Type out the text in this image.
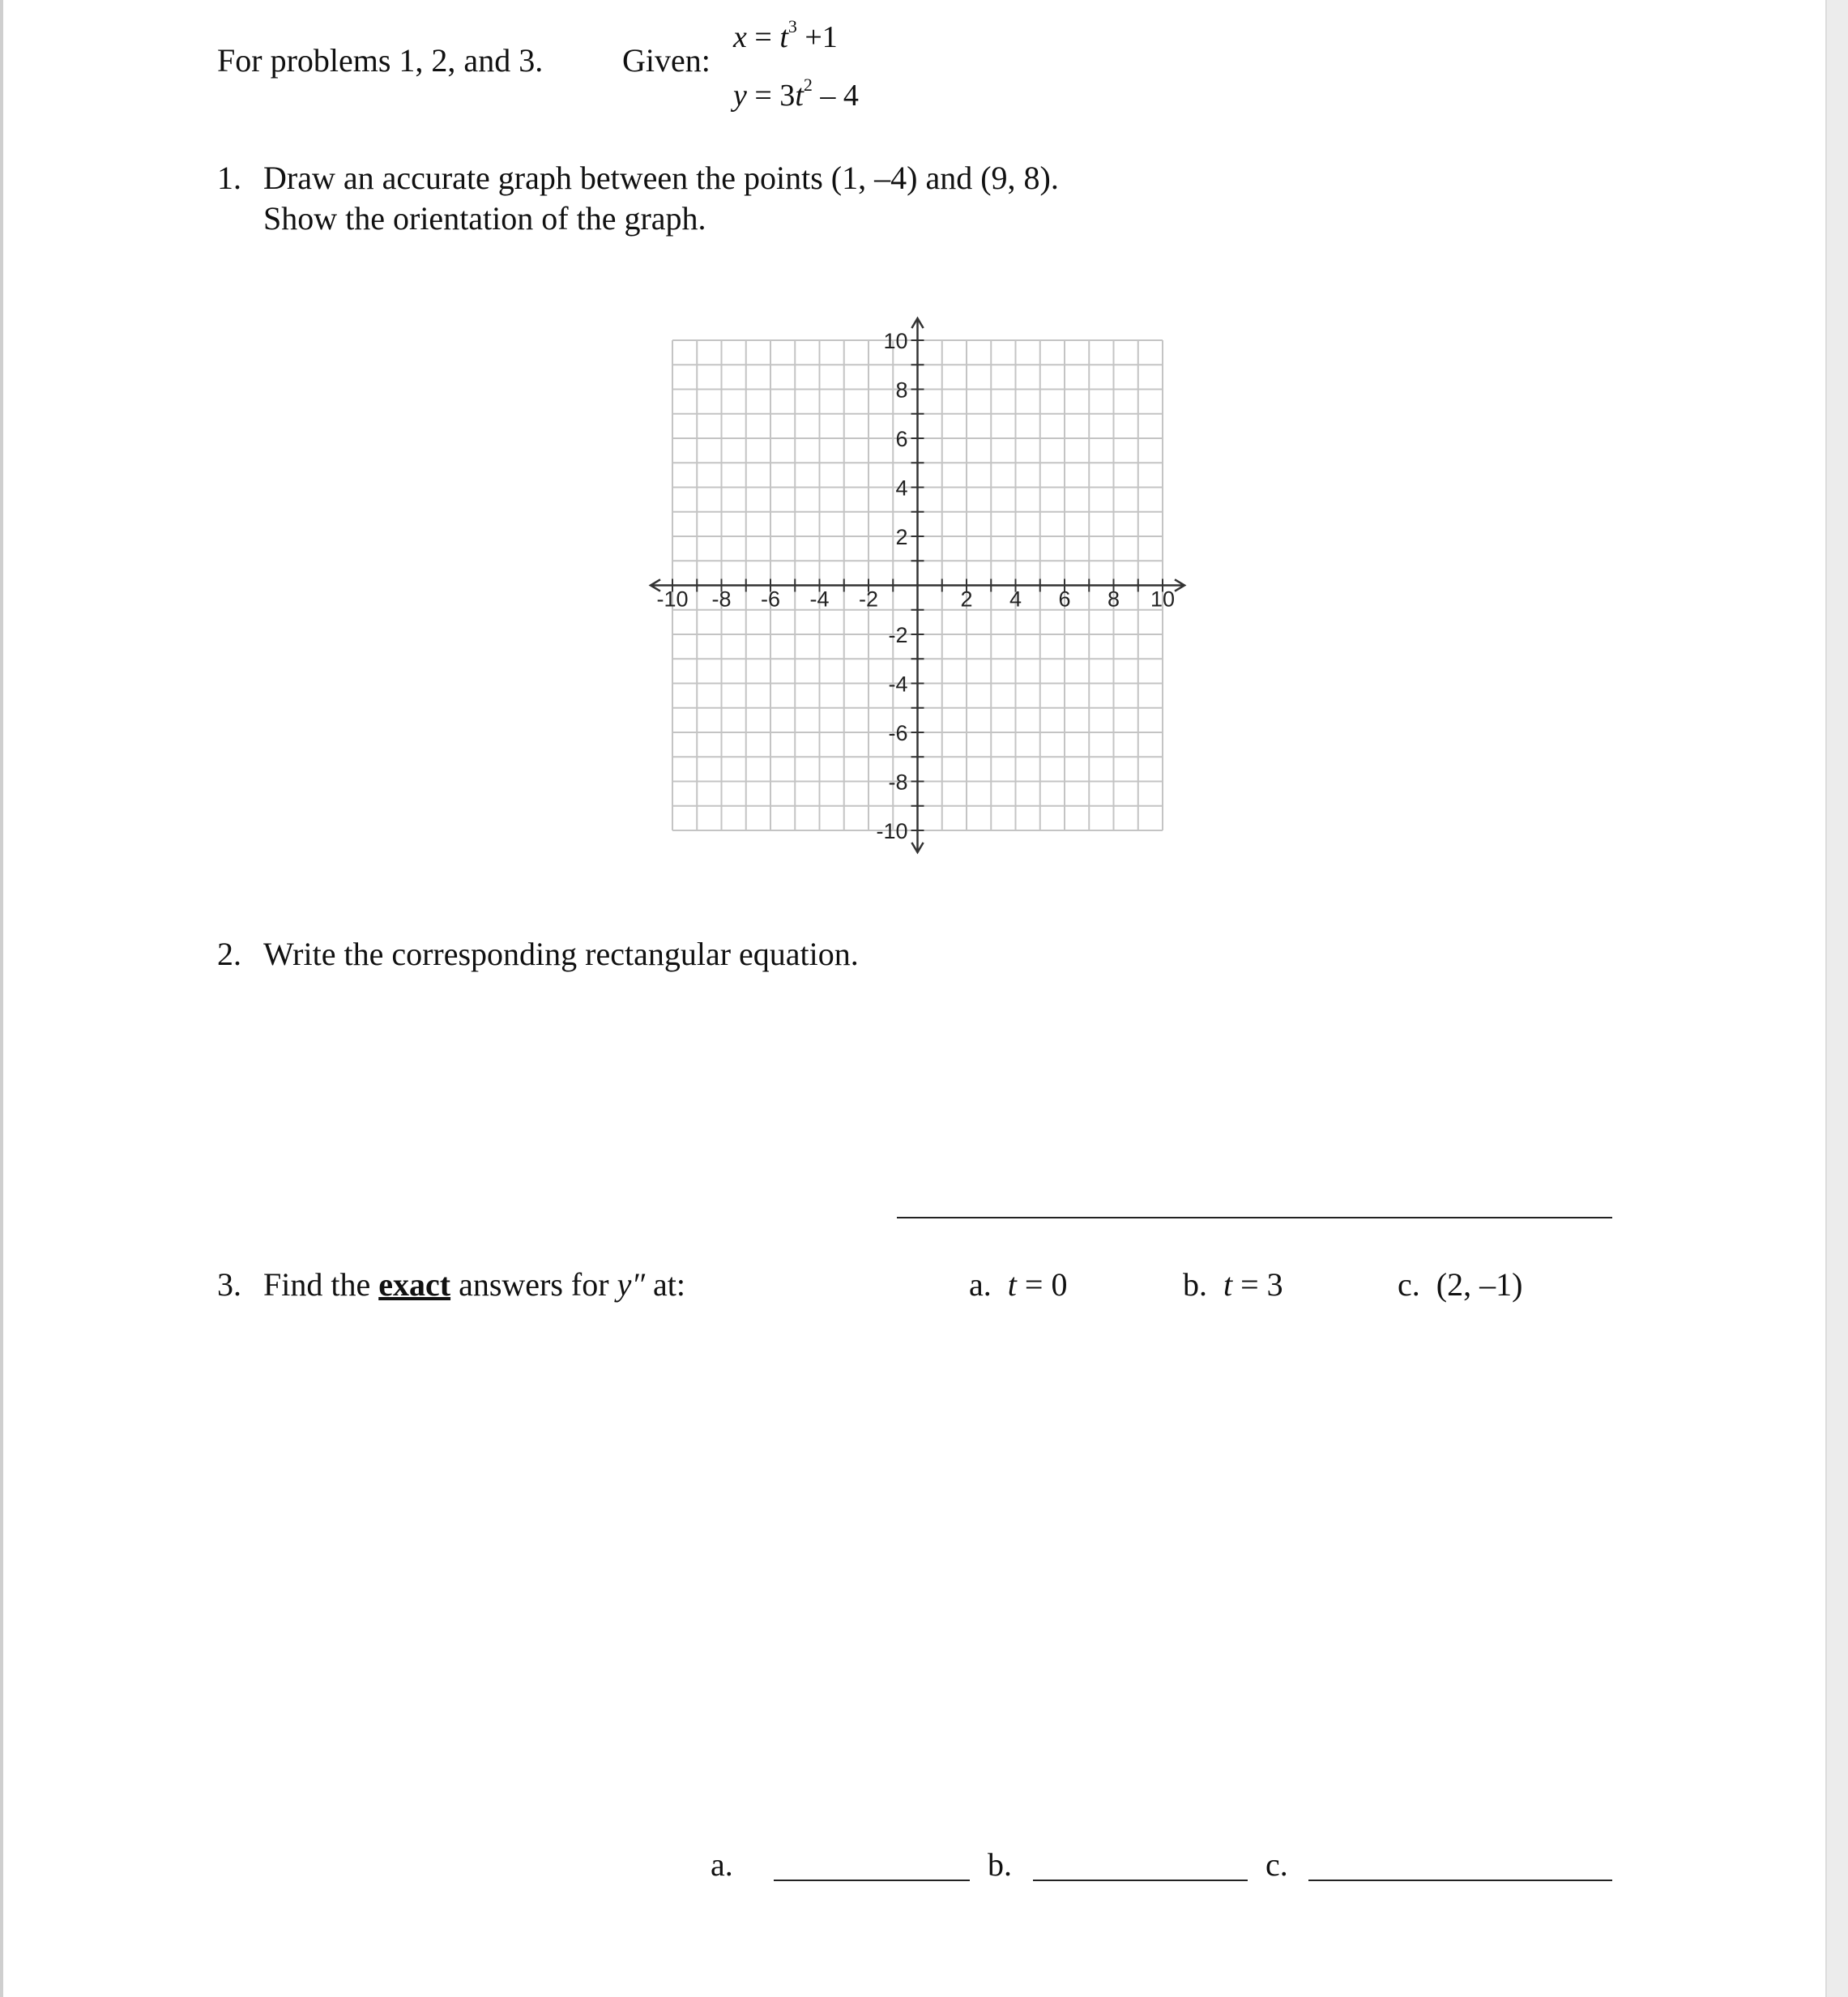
For problems 1, 2, and 3. Given:
$x = t^3 +1$
$y = 3t^2 - 4$
1. Draw an accurate graph between the points (1, –4) and (9, 8).
Show the orientation of the graph.
-10 -8 -6 -4 -2	2 4 6 8 10
10
8
6
4
2
-2
-4
-6
-8
-10
2. Write the corresponding rectangular equation.
3. Find the exact answers for y″ at:	a. t = 0	b. t = 3	c. (2, –1)
a.	b.	c.
